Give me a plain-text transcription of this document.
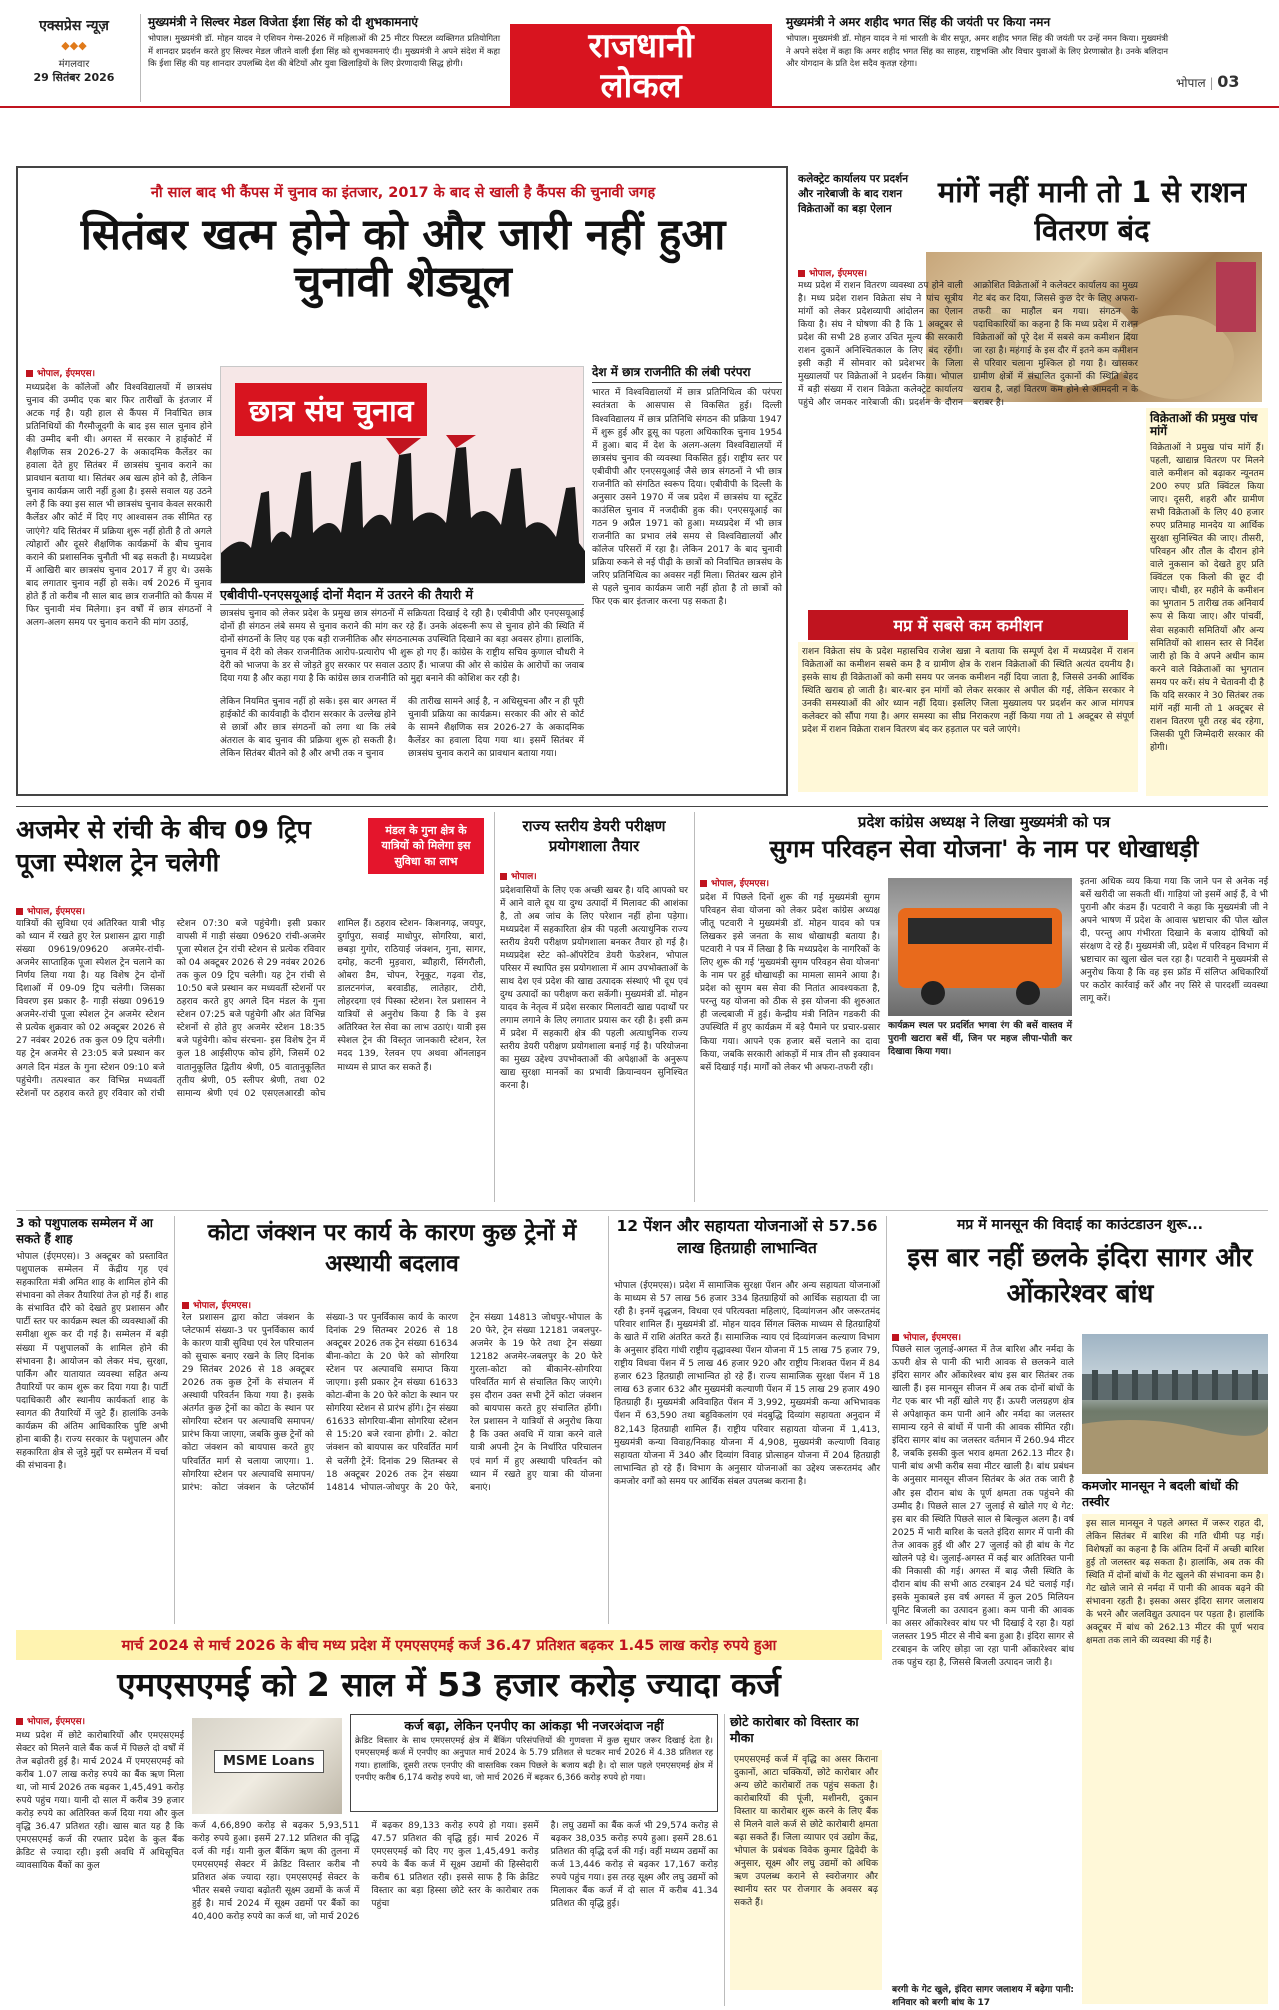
एक्सप्रेस न्यूज़
◆◆◆
मंगलवार
29 सितंबर 2026
मुख्यमंत्री ने सिल्वर मेडल विजेता ईशा सिंह को दी शुभकामनाएं
भोपाल। मुख्यमंत्री डॉ. मोहन यादव ने एशियन गेम्स-2026 में महिलाओं की 25 मीटर पिस्टल व्यक्तिगत प्रतियोगिता में शानदार प्रदर्शन करते हुए सिल्वर मेडल जीतने वाली ईशा सिंह को शुभकामनाएं दी। मुख्यमंत्री ने अपने संदेश में कहा कि ईशा सिंह की यह शानदार उपलब्धि देश की बेटियों और युवा खिलाड़ियों के लिए प्रेरणादायी सिद्ध होगी।	राजधानी
लोकल
मुख्यमंत्री ने अमर शहीद भगत सिंह की जयंती पर किया नमन
भोपाल। मुख्यमंत्री डॉ. मोहन यादव ने मां भारती के वीर सपूत, अमर शहीद भगत सिंह की जयंती पर उन्हें नमन किया। मुख्यमंत्री ने अपने संदेश में कहा कि अमर शहीद भगत सिंह का साहस, राष्ट्रभक्ति और विचार युवाओं के लिए प्रेरणास्रोत है। उनके बलिदान और योगदान के प्रति देश सदैव कृतज्ञ रहेगा।
भोपाल | 03
नौ साल बाद भी कैंपस में चुनाव का इंतजार, 2017 के बाद से खाली है कैंपस की चुनावी जगह
सितंबर खत्म होने को और जारी नहीं हुआ चुनावी शेड्यूल
भोपाल, ईएमएस।
मध्यप्रदेश के कॉलेजों और विश्वविद्यालयों में छात्रसंघ चुनाव की उम्मीद एक बार फिर तारीखों के इंतजार में अटक गई है। यही हाल से कैंपस में निर्वाचित छात्र प्रतिनिधियों की गैरमौजूदगी के बाद इस साल चुनाव होने की उम्मीद बनी थी। अगस्त में सरकार ने हाईकोर्ट में शैक्षणिक सत्र 2026-27 के अकादमिक कैलेंडर का हवाला देते हुए सितंबर में छात्रसंघ चुनाव कराने का प्रावधान बताया था। सितंबर अब खत्म होने को है, लेकिन चुनाव कार्यक्रम जारी नहीं हुआ है। इससे सवाल यह उठने लगे हैं कि क्या इस साल भी छात्रसंघ चुनाव केवल सरकारी कैलेंडर और कोर्ट में दिए गए आश्वासन तक सीमित रह जाएंगे? यदि सितंबर में प्रक्रिया शुरू नहीं होती है तो अगले त्योहारों और दूसरे शैक्षणिक कार्यक्रमों के बीच चुनाव कराने की प्रशासनिक चुनौती भी बढ़ सकती है। मध्यप्रदेश में आखिरी बार छात्रसंघ चुनाव 2017 में हुए थे। उसके बाद लगातार चुनाव नहीं हो सके। वर्ष 2026 में चुनाव होते हैं तो करीब नौ साल बाद छात्र राजनीति को कैंपस में फिर चुनावी मंच मिलेगा। इन वर्षों में छात्र संगठनों ने अलग-अलग समय पर चुनाव कराने की मांग उठाई,
छात्र संघ चुनाव
एबीवीपी-एनएसयूआई दोनों मैदान में उतरने की तैयारी में
छात्रसंघ चुनाव को लेकर प्रदेश के प्रमुख छात्र संगठनों में सक्रियता दिखाई दे रही है। एबीवीपी और एनएसयूआई दोनों ही संगठन लंबे समय से चुनाव कराने की मांग कर रहे हैं। उनके अंदरूनी रूप से चुनाव होने की स्थिति में दोनों संगठनों के लिए यह एक बड़ी राजनीतिक और संगठनात्मक उपस्थिति दिखाने का बड़ा अवसर होगा। हालांकि, चुनाव में देरी को लेकर राजनीतिक आरोप-प्रत्यारोप भी शुरू हो गए हैं। कांग्रेस के राष्ट्रीय सचिव कुणाल चौधरी ने देरी को भाजपा के डर से जोड़ते हुए सरकार पर सवाल उठाए हैं। भाजपा की ओर से कांग्रेस के आरोपों का जवाब दिया गया है और कहा गया है कि कांग्रेस छात्र राजनीति को मुद्दा बनाने की कोशिश कर रही है।
लेकिन नियमित चुनाव नहीं हो सके। इस बार अगस्त में हाईकोर्ट की कार्यवाही के दौरान सरकार के उल्लेख होने से छात्रों और छात्र संगठनों को लगा था कि लंबे अंतराल के बाद चुनाव की प्रक्रिया शुरू हो सकती है। लेकिन सितंबर बीतने को है और अभी तक न चुनाव
की तारीख सामने आई है, न अधिसूचना और न ही पूरी चुनावी प्रक्रिया का कार्यक्रम। सरकार की ओर से कोर्ट के सामने शैक्षणिक सत्र 2026-27 के अकादमिक कैलेंडर का हवाला दिया गया था। इसमें सितंबर में छात्रसंघ चुनाव कराने का प्रावधान बताया गया।
देश में छात्र राजनीति की लंबी परंपरा
भारत में विश्वविद्यालयों में छात्र प्रतिनिधित्व की परंपरा स्वतंत्रता के आसपास से विकसित हुई। दिल्ली विश्वविद्यालय में छात्र प्रतिनिधि संगठन की प्रक्रिया 1947 में शुरू हुई और डूसू का पहला अधिकारिक चुनाव 1954 में हुआ। बाद में देश के अलग-अलग विश्वविद्यालयों में छात्रसंघ चुनाव की व्यवस्था विकसित हुई। राष्ट्रीय स्तर पर एबीवीपी और एनएसयूआई जैसे छात्र संगठनों ने भी छात्र राजनीति को संगठित स्वरूप दिया। एबीवीपी के दिल्ली के अनुसार उसने 1970 में जब प्रदेश में छात्रसंघ या स्टूडेंट काउंसिल चुनाव में नजदीकी हुक की। एनएसयूआई का गठन 9 अप्रैल 1971 को हुआ। मध्यप्रदेश में भी छात्र राजनीति का प्रभाव लंबे समय से विश्वविद्यालयों और कॉलेज परिसरों में रहा है। लेकिन 2017 के बाद चुनावी प्रक्रिया रुकने से नई पीढ़ी के छात्रों को निर्वाचित छात्रसंघ के जरिए प्रतिनिधित्व का अवसर नहीं मिला। सितंबर खत्म होने से पहले चुनाव कार्यक्रम जारी नहीं होता है तो छात्रों को फिर एक बार इंतजार करना पड़ सकता है।
कलेक्ट्रेट कार्यालय पर प्रदर्शन और नारेबाजी के बाद राशन विक्रेताओं का बड़ा ऐलान
मांगें नहीं मानी तो 1 से राशन वितरण बंद
भोपाल, ईएमएस।
मध्य प्रदेश में राशन वितरण व्यवस्था ठप होने वाली है। मध्य प्रदेश राशन विक्रेता संघ ने पांच सूत्रीय मांगों को लेकर प्रदेशव्यापी आंदोलन का ऐलान किया है। संघ ने घोषणा की है कि 1 अक्टूबर से प्रदेश की सभी 28 हजार उचित मूल्य की सरकारी राशन दुकानें अनिश्चितकाल के लिए बंद रहेंगी। इसी कड़ी में सोमवार को प्रदेशभर के जिला मुख्यालयों पर विक्रेताओं ने प्रदर्शन किया। भोपाल में बड़ी संख्या में राशन विक्रेता कलेक्ट्रेट कार्यालय पहुंचे और जमकर नारेबाजी की। प्रदर्शन के दौरान आक्रोशित विक्रेताओं ने कलेक्टर कार्यालय का मुख्य गेट बंद कर दिया, जिससे कुछ देर के लिए अफरा-तफरी का माहौल बन गया। संगठन के पदाधिकारियों का कहना है कि मध्य प्रदेश में राशन विक्रेताओं को पूरे देश में सबसे कम कमीशन दिया जा रहा है। महंगाई के इस दौर में इतने कम कमीशन से परिवार चलाना मुश्किल हो गया है। खासकर ग्रामीण क्षेत्रों में संचालित दुकानों की स्थिति बेहद खराब है, जहां वितरण कम होने से आमदनी न के बराबर है।
विक्रेताओं की प्रमुख पांच मांगें
विक्रेताओं ने प्रमुख पांच मांगें हैं। पहली, खाद्यान्न वितरण पर मिलने वाले कमीशन को बढ़ाकर न्यूनतम 200 रुपए प्रति क्विंटल किया जाए। दूसरी, शहरी और ग्रामीण सभी विक्रेताओं के लिए 40 हजार रुपए प्रतिमाह मानदेय या आर्थिक सुरक्षा सुनिश्चित की जाए। तीसरी, परिवहन और तौल के दौरान होने वाले नुकसान को देखते हुए प्रति क्विंटल एक किलो की छूट दी जाए। चौथी, हर महीने के कमीशन का भुगतान 5 तारीख तक अनिवार्य रूप से किया जाए। और पांचवीं, सेवा सहकारी समितियों और अन्य समितियों को शासन स्तर से निर्देश जारी हो कि वे अपने अधीन काम करने वाले विक्रेताओं का भुगतान समय पर करें। संघ ने चेतावनी दी है कि यदि सरकार ने 30 सितंबर तक मांगें नहीं मानी तो 1 अक्टूबर से राशन वितरण पूरी तरह बंद रहेगा, जिसकी पूरी जिम्मेदारी सरकार की होगी।
मप्र में सबसे कम कमीशन
राशन विक्रेता संघ के प्रदेश महासचिव राजेश खन्ना ने बताया कि सम्पूर्ण देश में मध्यप्रदेश में राशन विक्रेताओं का कमीशन सबसे कम है व ग्रामीण क्षेत्र के राशन विक्रेताओं की स्थिति अत्यंत दयनीय है। इसके साथ ही विक्रेताओं को कमी समय पर जनक कमीशन नहीं दिया जाता है, जिससे उनकी आर्थिक स्थिति खराब हो जाती है। बार-बार इन मांगों को लेकर सरकार से अपील की गई, लेकिन सरकार ने उनकी समस्याओं की ओर ध्यान नहीं दिया। इसलिए जिला मुख्यालय पर प्रदर्शन कर आज मांगपत्र कलेक्टर को सौंपा गया है। अगर समस्या का सीघ्र निराकरण नहीं किया गया तो 1 अक्टूबर से संपूर्ण प्रदेश में राशन विक्रेता राशन वितरण बंद कर हड़ताल पर चले जाएंगे।
अजमेर से रांची के बीच 09 ट्रिप पूजा स्पेशल ट्रेन चलेगी
मंडल के गुना क्षेत्र के यात्रियों को मिलेगा इस सुविधा का लाभ
भोपाल, ईएमएस।
यात्रियों की सुविधा एवं अतिरिक्त यात्री भीड़ को ध्यान में रखते हुए रेल प्रशासन द्वारा गाड़ी संख्या 09619/09620 अजमेर-रांची-अजमेर साप्ताहिक पूजा स्पेशल ट्रेन चलाने का निर्णय लिया गया है। यह विशेष ट्रेन दोनों दिशाओं में 09-09 ट्रिप चलेगी। जिसका विवरण इस प्रकार है- गाड़ी संख्या 09619 अजमेर-रांची पूजा स्पेशल ट्रेन अजमेर स्टेशन से प्रत्येक शुक्रवार को 02 अक्टूबर 2026 से 27 नवंबर 2026 तक कुल 09 ट्रिप चलेगी। यह ट्रेन अजमेर से 23:05 बजे प्रस्थान कर अगले दिन मंडल के गुना स्टेशन 09:10 बजे पहुंचेगी। तत्पश्चात कर विभिन्न मध्यवर्ती स्टेशनों पर ठहराव करते हुए रविवार को रांची स्टेशन 07:30 बजे पहुंचेगी। इसी प्रकार वापसी में गाड़ी संख्या 09620 रांची-अजमेर पूजा स्पेशल ट्रेन रांची स्टेशन से प्रत्येक रविवार को 04 अक्टूबर 2026 से 29 नवंबर 2026 तक कुल 09 ट्रिप चलेगी। यह ट्रेन रांची से 10:50 बजे प्रस्थान कर मध्यवर्ती स्टेशनों पर ठहराव करते हुए अगले दिन मंडल के गुना स्टेशन 07:25 बजे पहुंचेगी और अंत विभिन्न स्टेशनों से होते हुए अजमेर स्टेशन 18:35 बजे पहुंचेगी। कोच संरचना- इस विशेष ट्रेन में कुल 18 आईसीएफ कोच होंगे, जिसमें 02 वातानुकूलित द्वितीय श्रेणी, 05 वातानुकूलित तृतीय श्रेणी, 05 स्लीपर श्रेणी, तथा 02 सामान्य श्रेणी एवं 02 एसएलआरडी कोच शामिल हैं। ठहराव स्टेशन- किशनगढ़, जयपुर, दुर्गापुरा, सवाई माधोपुर, सोगरिया, बारां, छबड़ा गुगोर, राठियाई जंक्शन, गुना, सागर, दमोह, कटनी मुड़वारा, ब्यौहारी, सिंगरौली, ओबरा डैम, चोपन, रेनूकूट, गढ़वा रोड, डालटनगंज, बरवाडीह, लातेहार, टोरी, लोहरदगा एवं पिस्का स्टेशन। रेल प्रशासन ने यात्रियों से अनुरोध किया है कि वे इस अतिरिक्त रेल सेवा का लाभ उठाएं। यात्री इस स्पेशल ट्रेन की विस्तृत जानकारी स्टेशन, रेल मदद 139, रेलवन एप अथवा ऑनलाइन माध्यम से प्राप्त कर सकते हैं।
राज्य स्तरीय डेयरी परीक्षण प्रयोगशाला तैयार
भोपाल।
प्रदेशवासियों के लिए एक अच्छी खबर है। यदि आपको घर में आने वाले दूध या दुग्ध उत्पादों में मिलावट की आशंका है, तो अब जांच के लिए परेशान नहीं होना पड़ेगा। मध्यप्रदेश में सहकारिता क्षेत्र की पहली अत्याधुनिक राज्य स्तरीय डेयरी परीक्षण प्रयोगशाला बनकर तैयार हो गई है। मध्यप्रदेश स्टेट को-ऑपरेटिव डेयरी फेडरेशन, भोपाल परिसर में स्थापित इस प्रयोगशाला में आम उपभोक्ताओं के साथ देश एवं प्रदेश की खाद्य उत्पादक संस्थाएं भी दूध एवं दुग्ध उत्पादों का परीक्षण करा सकेंगी। मुख्यमंत्री डॉ. मोहन यादव के नेतृत्व में प्रदेश सरकार मिलावटी खाद्य पदार्थों पर लगाम लगाने के लिए लगातार प्रयास कर रही है। इसी क्रम में प्रदेश में सहकारी क्षेत्र की पहली अत्याधुनिक राज्य स्तरीय डेयरी परीक्षण प्रयोगशाला बनाई गई है। परियोजना का मुख्य उद्देश्य उपभोक्ताओं की अपेक्षाओं के अनुरूप खाद्य सुरक्षा मानकों का प्रभावी क्रियान्वयन सुनिश्चित करना है।
प्रदेश कांग्रेस अध्यक्ष ने लिखा मुख्यमंत्री को पत्र
सुगम परिवहन सेवा योजना' के नाम पर धोखाधड़ी
भोपाल, ईएमएस।
प्रदेश में पिछले दिनों शुरू की गई मुख्यमंत्री सुगम परिवहन सेवा योजना को लेकर प्रदेश कांग्रेस अध्यक्ष जीतू पटवारी ने मुख्यमंत्री डॉ. मोहन यादव को पत्र लिखकर इसे जनता के साथ धोखाधड़ी बताया है। पटवारी ने पत्र में लिखा है कि मध्यप्रदेश के नागरिकों के लिए शुरू की गई 'मुख्यमंत्री सुगम परिवहन सेवा योजना' के नाम पर हुई धोखाधड़ी का मामला सामने आया है। प्रदेश को सुगम बस सेवा की नितांत आवश्यकता है, परन्तु यह योजना को ठीक से इस योजना की शुरुआत ही जल्दबाजी में हुई। केन्द्रीय मंत्री नितिन गडकरी की उपस्थिति में हुए कार्यक्रम में बड़े पैमाने पर प्रचार-प्रसार किया गया। आपने एक हजार बसें चलाने का दावा किया, जबकि सरकारी आंकड़ों में मात्र तीन सौ इक्यावन बसें दिखाई गईं। मार्गों को लेकर भी अफरा-तफरी रही।
कार्यक्रम स्थल पर प्रदर्शित भगवा रंग की बसें वास्तव में पुरानी खटारा बसें थीं, जिन पर महज लीपा-पोती कर दिखावा किया गया।
इतना अधिक व्यय किया गया कि जाने पन से अनेक नई बसें खरीदी जा सकती थीं। गाड़ियां जो इसमें आई हैं, वे भी पुरानी और कंडम हैं। पटवारी ने कहा कि मुख्यमंत्री जी ने अपने भाषण में प्रदेश के आवास भ्रष्टाचार की पोल खोल दी, परन्तु आप गंभीरता दिखाने के बजाय दोषियों को संरक्षण दे रहे हैं। मुख्यमंत्री जी, प्रदेश में परिवहन विभाग में भ्रष्टाचार का खुला खेल चल रहा है। पटवारी ने मुख्यमंत्री से अनुरोध किया है कि वह इस फ्रॉड में संलिप्त अधिकारियों पर कठोर कार्रवाई करें और नए सिरे से पारदर्शी व्यवस्था लागू करें।
3 को पशुपालक सम्मेलन में आ सकते हैं शाह
भोपाल (ईएमएस)। 3 अक्टूबर को प्रस्तावित पशुपालक सम्मेलन में केंद्रीय गृह एवं सहकारिता मंत्री अमित शाह के शामिल होने की संभावना को लेकर तैयारियां तेज हो गई हैं। शाह के संभावित दौरे को देखते हुए प्रशासन और पार्टी स्तर पर कार्यक्रम स्थल की व्यवस्थाओं की समीक्षा शुरू कर दी गई है। सम्मेलन में बड़ी संख्या में पशुपालकों के शामिल होने की संभावना है। आयोजन को लेकर मंच, सुरक्षा, पार्किंग और यातायात व्यवस्था सहित अन्य तैयारियों पर काम शुरू कर दिया गया है। पार्टी पदाधिकारी और स्थानीय कार्यकर्ता शाह के स्वागत की तैयारियों में जुटे हैं। हालांकि उनके कार्यक्रम की अंतिम आधिकारिक पुष्टि अभी होना बाकी है। राज्य सरकार के पशुपालन और सहकारिता क्षेत्र से जुड़े मुद्दों पर सम्मेलन में चर्चा की संभावना है।
कोटा जंक्शन पर कार्य के कारण कुछ ट्रेनों में अस्थायी बदलाव
भोपाल, ईएमएस।
रेल प्रशासन द्वारा कोटा जंक्शन के प्लेटफार्म संख्या-3 पर पुनर्विकास कार्य के कारण यात्री सुविधा एवं रेल परिचालन को सुचारू बनाए रखने के लिए दिनांक 29 सितंबर 2026 से 18 अक्टूबर 2026 तक कुछ ट्रेनों के संचालन में अस्थायी परिवर्तन किया गया है। इसके अंतर्गत कुछ ट्रेनों का कोटा के स्थान पर सोगरिया स्टेशन पर अल्पावधि समापन/प्रारंभ किया जाएगा, जबकि कुछ ट्रेनों को कोटा जंक्शन को बायपास करते हुए परिवर्तित मार्ग से चलाया जाएगा। 1. सोगरिया स्टेशन पर अल्पावधि समापन/प्रारंभ: कोटा जंक्शन के प्लेटफॉर्म संख्या-3 पर पुनर्विकास कार्य के कारण दिनांक 29 सितम्बर 2026 से 18 अक्टूबर 2026 तक ट्रेन संख्या 61634 बीना-कोटा के 20 फेरे को सोगरिया स्टेशन पर अल्पावधि समाप्त किया जाएगा। इसी प्रकार ट्रेन संख्या 61633 कोटा-बीना के 20 फेरे कोटा के स्थान पर सोगरिया स्टेशन से प्रारंभ होंगे। ट्रेन संख्या 61633 सोगरिया-बीना सोगरिया स्टेशन से 15:20 बजे रवाना होगी। 2. कोटा जंक्शन को बायपास कर परिवर्तित मार्ग से चलेंगी ट्रेनें: दिनांक 29 सितम्बर से 18 अक्टूबर 2026 तक ट्रेन संख्या 14814 भोपाल-जोधपुर के 20 फेरे, ट्रेन संख्या 14813 जोधपुर-भोपाल के 20 फेरे, ट्रेन संख्या 12181 जबलपुर-अजमेर के 19 फेरे तथा ट्रेन संख्या 12182 अजमेर-जबलपुर के 20 फेरे गुरला-कोटा को बीकानेर-सोगरिया परिवर्तित मार्ग से संचालित किए जाएंगे। इस दौरान उक्त सभी ट्रेनें कोटा जंक्शन को बायपास करते हुए संचालित होंगी। रेल प्रशासन ने यात्रियों से अनुरोध किया है कि उक्त अवधि में यात्रा करने वाले यात्री अपनी ट्रेन के निर्धारित परिचालन एवं मार्ग में हुए अस्थायी परिवर्तन को ध्यान में रखते हुए यात्रा की योजना बनाएं।
12 पेंशन और सहायता योजनाओं से 57.56 लाख हितग्राही लाभान्वित
भोपाल (ईएमएस)। प्रदेश में सामाजिक सुरक्षा पेंशन और अन्य सहायता योजनाओं के माध्यम से 57 लाख 56 हजार 334 हितग्राहियों को आर्थिक सहायता दी जा रही है। इनमें वृद्धजन, विधवा एवं परित्यक्ता महिलाएं, दिव्यांगजन और जरूरतमंद परिवार शामिल हैं। मुख्यमंत्री डॉ. मोहन यादव सिंगल क्लिक माध्यम से हितग्राहियों के खाते में राशि अंतरित करते हैं। सामाजिक न्याय एवं दिव्यांगजन कल्याण विभाग के अनुसार इंदिरा गांधी राष्ट्रीय वृद्धावस्था पेंशन योजना में 15 लाख 75 हजार 79, राष्ट्रीय विधवा पेंशन में 5 लाख 46 हजार 920 और राष्ट्रीय निःशक्त पेंशन में 84 हजार 623 हितग्राही लाभान्वित हो रहे हैं। राज्य सामाजिक सुरक्षा पेंशन में 18 लाख 63 हजार 632 और मुख्यमंत्री कल्याणी पेंशन में 15 लाख 29 हजार 490 हितग्राही हैं। मुख्यमंत्री अविवाहित पेंशन में 3,992, मुख्यमंत्री कन्या अभिभावक पेंशन में 63,590 तथा बहुविकलांग एवं मंदबुद्धि दिव्यांग सहायता अनुदान में 82,143 हितग्राही शामिल हैं। राष्ट्रीय परिवार सहायता योजना में 1,413, मुख्यमंत्री कन्या विवाह/निकाह योजना में 4,908, मुख्यमंत्री कल्याणी विवाह सहायता योजना में 340 और दिव्यांग विवाह प्रोत्साहन योजना में 204 हितग्राही लाभान्वित हो रहे हैं। विभाग के अनुसार योजनाओं का उद्देश्य जरूरतमंद और कमजोर वर्गों को समय पर आर्थिक संबल उपलब्ध कराना है।
मप्र में मानसून की विदाई का काउंटडाउन शुरू...
इस बार नहीं छलके इंदिरा सागर और ओंकारेश्वर बांध
भोपाल, ईएमएस।
पिछले साल जुलाई-अगस्त में तेज बारिश और नर्मदा के ऊपरी क्षेत्र से पानी की भारी आवक से छलकने वाले इंदिरा सागर और ओंकारेश्वर बांध इस बार सितंबर तक खाली हैं। इस मानसून सीजन में अब तक दोनों बांधों के गेट एक बार भी नहीं खोले गए हैं। ऊपरी जलग्रहण क्षेत्र से अपेक्षाकृत कम पानी आने और नर्मदा का जलस्तर सामान्य रहने से बांधों में पानी की आवक सीमित रही। इंदिरा सागर बांध का जलस्तर वर्तमान में 260.94 मीटर है, जबकि इसकी कुल भराव क्षमता 262.13 मीटर है। पानी बांध अभी करीब सवा मीटर खाली है। बांध प्रबंधन के अनुसार मानसून सीजन सितंबर के अंत तक जारी है और इस दौरान बांध के पूर्ण क्षमता तक पहुंचने की उम्मीद है। पिछले साल 27 जुलाई से खोले गए थे गेट: इस बार की स्थिति पिछले साल से बिल्कुल अलग है। वर्ष 2025 में भारी बारिश के चलते इंदिरा सागर में पानी की तेज आवक हुई थी और 27 जुलाई को ही बांध के गेट खोलने पड़े थे। जुलाई-अगस्त में कई बार अतिरिक्त पानी की निकासी की गई। अगस्त में बाढ़ जैसी स्थिति के दौरान बांध की सभी आठ टरबाइन 24 घंटे चलाई गईं। इसके मुकाबले इस वर्ष अगस्त में कुल 205 मिलियन यूनिट बिजली का उत्पादन हुआ। कम पानी की आवक का असर ओंकारेश्वर बांध पर भी दिखाई दे रहा है। यहां जलस्तर 195 मीटर से नीचे बना हुआ है। इंदिरा सागर से टरबाइन के जरिए छोड़ा जा रहा पानी ओंकारेश्वर बांध तक पहुंच रहा है, जिससे बिजली उत्पादन जारी है।
बरगी के गेट खुले, इंदिरा सागर जलाशय में बढ़ेगा पानी: शनिवार को बरगी बांध के 17
कमजोर मानसून ने बदली बांधों की तस्वीर
इस साल मानसून ने पहले अगस्त में जरूर राहत दी, लेकिन सितंबर में बारिश की गति धीमी पड़ गई। विशेषज्ञों का कहना है कि अंतिम दिनों में अच्छी बारिश हुई तो जलस्तर बढ़ सकता है। हालांकि, अब तक की स्थिति में दोनों बांधों के गेट खुलने की संभावना कम है। गेट खोले जाने से नर्मदा में पानी की आवक बढ़ने की संभावना रहती है। इसका असर इंदिरा सागर जलाशय के भरने और जलविद्युत उत्पादन पर पड़ता है। हालांकि अक्टूबर में बांध को 262.13 मीटर की पूर्ण भराव क्षमता तक लाने की व्यवस्था की गई है।
मार्च 2024 से मार्च 2026 के बीच मध्य प्रदेश में एमएसएमई कर्ज 36.47 प्रतिशत बढ़कर 1.45 लाख करोड़ रुपये हुआ
एमएसएमई को 2 साल में 53 हजार करोड़ ज्यादा कर्ज
भोपाल, ईएमएस।
मध्य प्रदेश में छोटे कारोबारियों और एमएसएमई सेक्टर को मिलने वाले बैंक कर्ज में पिछले दो वर्षों में तेज बढ़ोतरी हुई है। मार्च 2024 में एमएसएमई को करीब 1.07 लाख करोड़ रुपये का बैंक ऋण मिला था, जो मार्च 2026 तक बढ़कर 1,45,491 करोड़ रुपये पहुंच गया। यानी दो साल में करीब 39 हजार करोड़ रुपये का अतिरिक्त कर्ज दिया गया और कुल वृद्धि 36.47 प्रतिशत रही। खास बात यह है कि एमएसएमई कर्ज की रफ्तार प्रदेश के कुल बैंक क्रेडिट से ज्यादा रही। इसी अवधि में अधिसूचित व्यावसायिक बैंकों का कुल
MSME Loans
कर्ज बढ़ा, लेकिन एनपीए का आंकड़ा भी नजरअंदाज नहीं
क्रेडिट विस्तार के साथ एमएसएमई क्षेत्र में बैंकिंग परिसंपत्तियों की गुणवत्ता में कुछ सुधार जरूर दिखाई देता है। एमएसएमई कर्ज में एनपीए का अनुपात मार्च 2024 के 5.79 प्रतिशत से घटकर मार्च 2026 में 4.38 प्रतिशत रह गया। हालांकि, दूसरी तरफ एनपीए की वास्तविक रकम पिछले के बजाय बढ़ी है। दो साल पहले एमएसएमई क्षेत्र में एनपीए करीब 6,174 करोड़ रुपये था, जो मार्च 2026 में बढ़कर 6,366 करोड़ रुपये हो गया।
कर्ज 4,66,890 करोड़ से बढ़कर 5,93,511 करोड़ रुपये हुआ। इसमें 27.12 प्रतिशत की वृद्धि दर्ज की गई। यानी कुल बैंकिंग ऋण की तुलना में एमएसएमई सेक्टर में क्रेडिट विस्तार करीब नौ प्रतिशत अंक ज्यादा रहा। एमएसएमई सेक्टर के भीतर सबसे ज्यादा बढ़ोतरी सूक्ष्म उद्यमों के कर्ज में हुई है। मार्च 2024 में सूक्ष्म उद्यमों पर बैंकों का 40,400 करोड़ रुपये का कर्ज था, जो मार्च 2026 में बढ़कर 89,133 करोड़ रुपये हो गया। इसमें 47.57 प्रतिशत की वृद्धि हुई। मार्च 2026 में एमएसएमई को दिए गए कुल 1,45,491 करोड़ रुपये के बैंक कर्ज में सूक्ष्म उद्यमों की हिस्सेदारी करीब 61 प्रतिशत रही। इससे साफ है कि क्रेडिट विस्तार का बड़ा हिस्सा छोटे स्तर के कारोबार तक पहुंचा
है। लघु उद्यमों का बैंक कर्ज भी 29,574 करोड़ से बढ़कर 38,035 करोड़ रुपये हुआ। इसमें 28.61 प्रतिशत की वृद्धि दर्ज की गई। वहीं मध्यम उद्यमों का कर्ज 13,446 करोड़ से बढ़कर 17,167 करोड़ रुपये पहुंच गया। इस तरह सूक्ष्म और लघु उद्यमों को मिलाकर बैंक कर्ज में दो साल में करीब 41.34 प्रतिशत की वृद्धि हुई।
छोटे कारोबार को विस्तार का मौका
एमएसएमई कर्ज में वृद्धि का असर किराना दुकानों, आटा चक्कियों, छोटे कारोबार और अन्य छोटे कारोबारों तक पहुंच सकता है। कारोबारियों की पूंजी, मशीनरी, दुकान विस्तार या कारोबार शुरू करने के लिए बैंक से मिलने वाले कर्ज से छोटे कारोबारी क्षमता बढ़ा सकते हैं। जिला व्यापार एवं उद्योग केंद्र, भोपाल के प्रबंधक विवेक कुमार द्विवेदी के अनुसार, सूक्ष्म और लघु उद्यमों को अधिक ऋण उपलब्ध कराने से स्वरोजगार और स्थानीय स्तर पर रोजगार के अवसर बढ़ सकते हैं।
